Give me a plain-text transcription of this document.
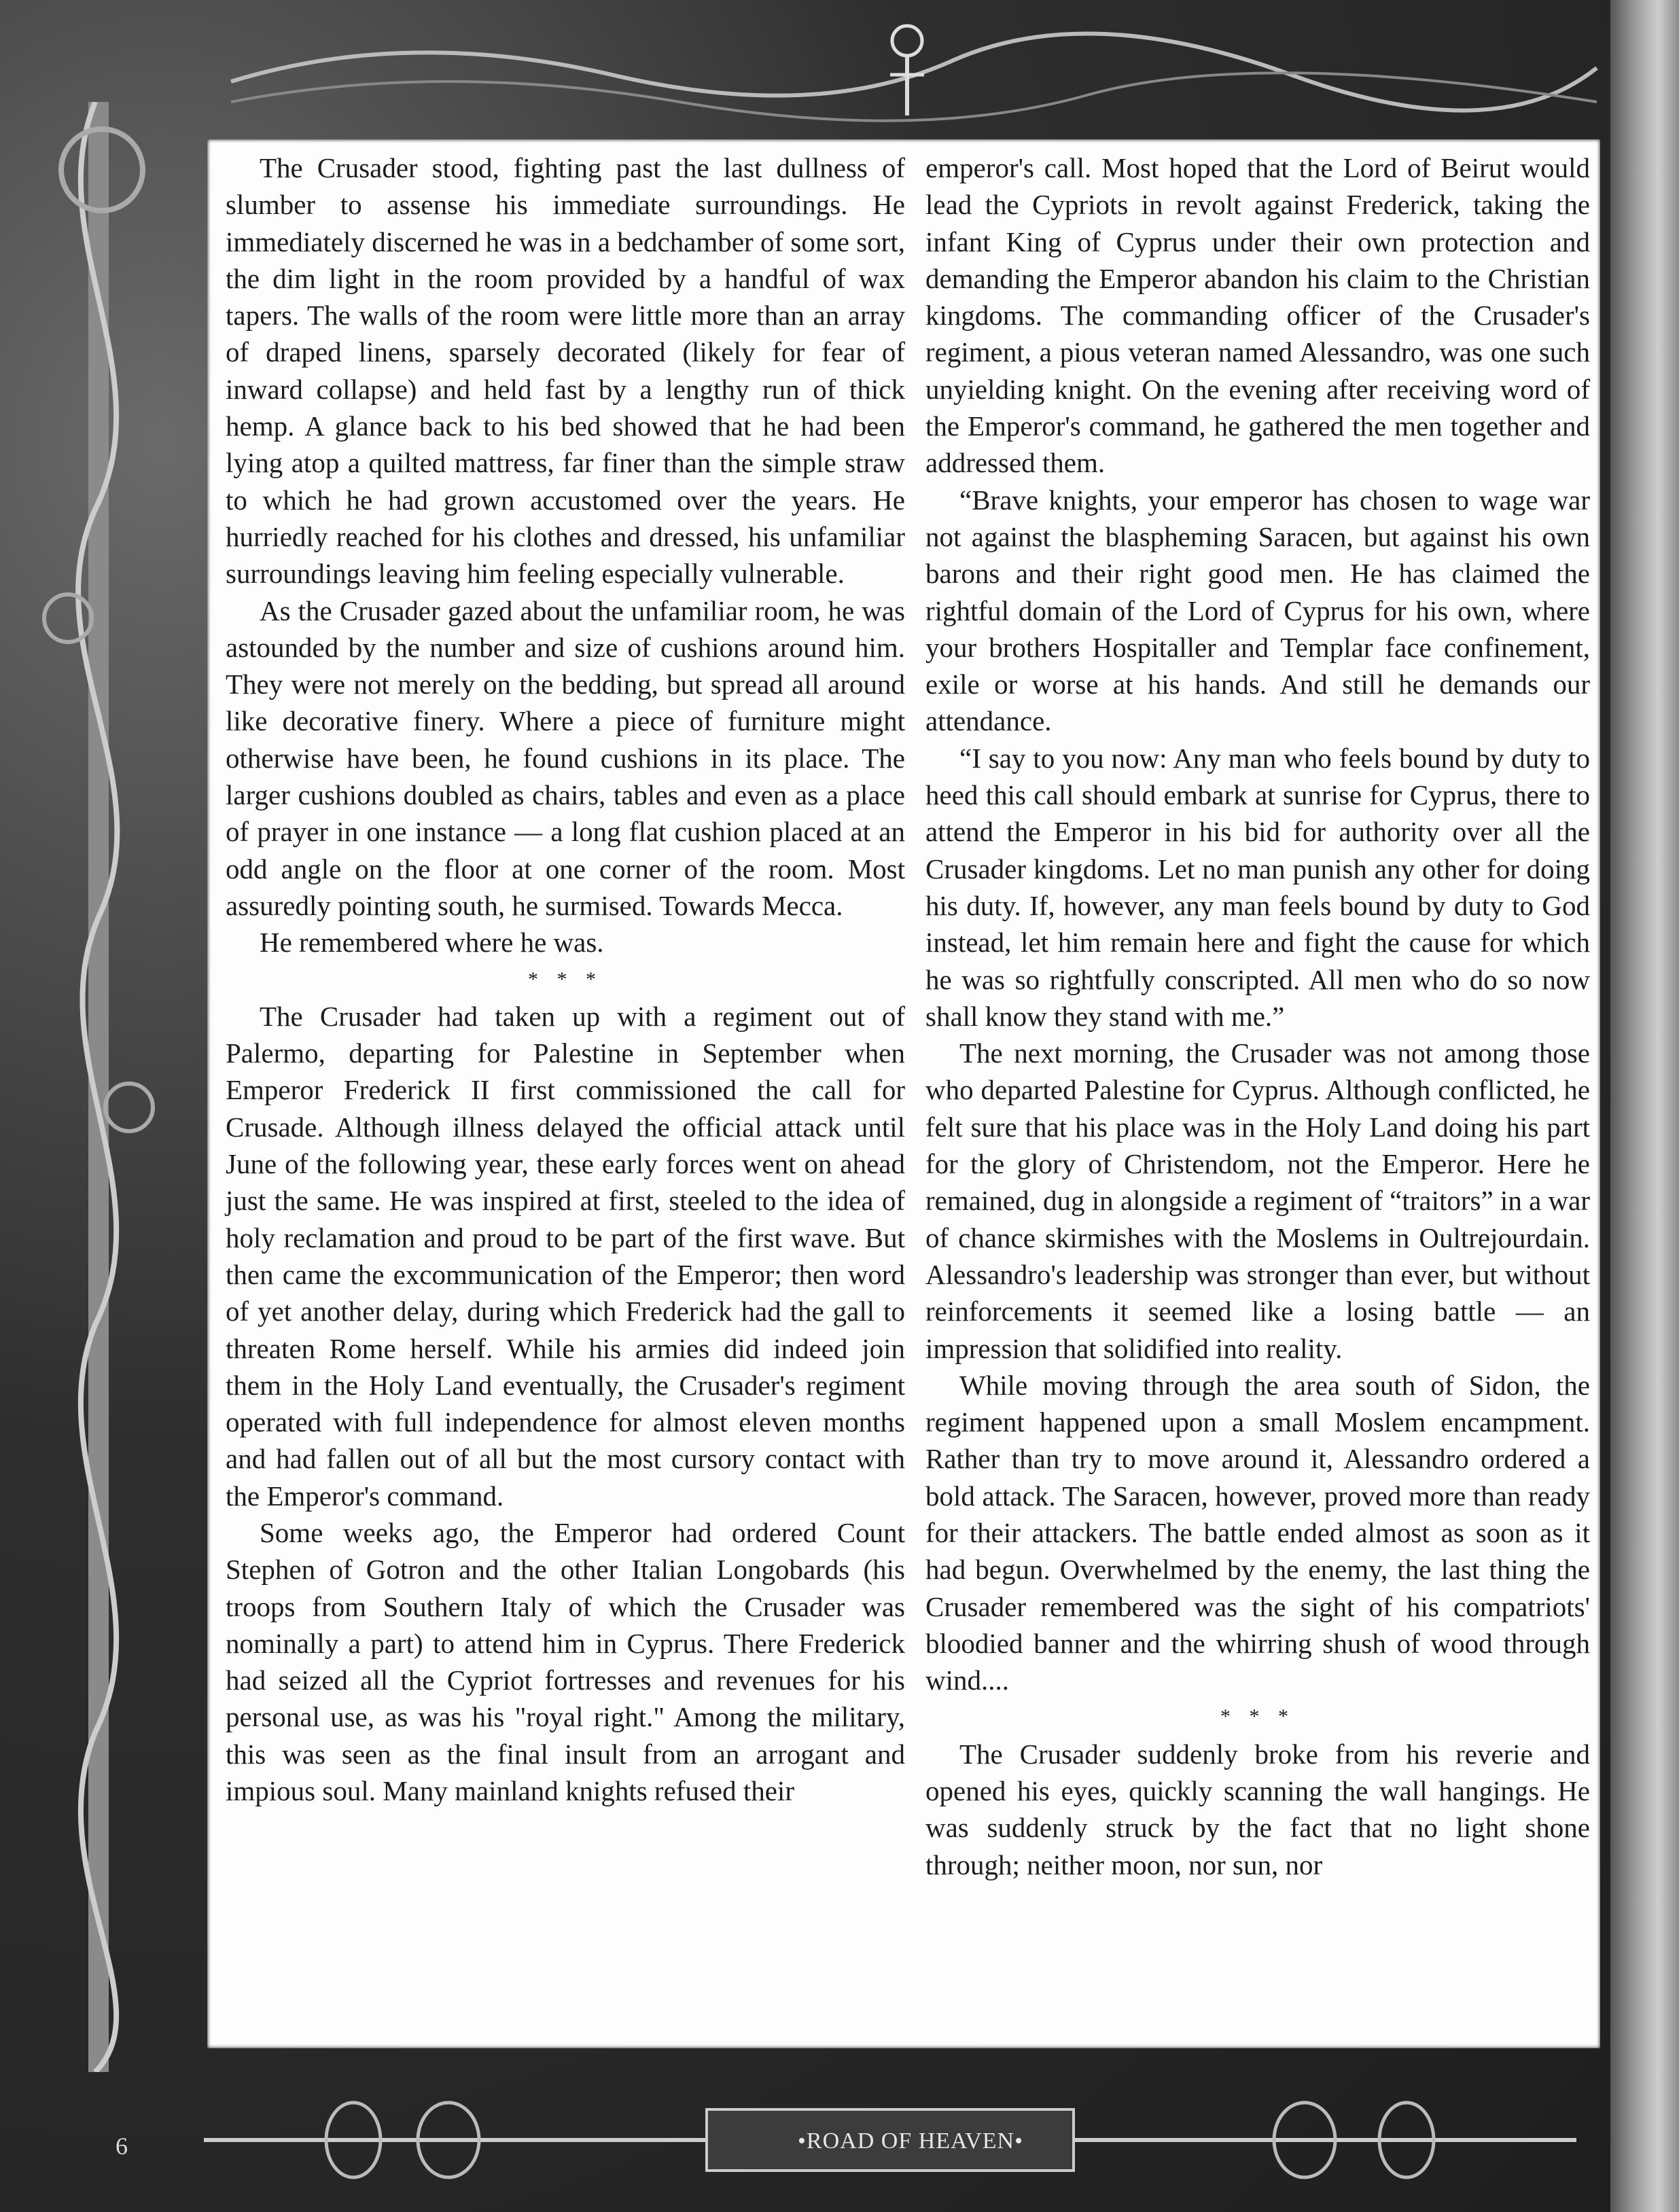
The Crusader stood, fighting past the last dullness of slumber to assense his immediate surroundings. He immediately discerned he was in a bedchamber of some sort, the dim light in the room provided by a handful of wax tapers. The walls of the room were little more than an array of draped linens, sparsely decorated (likely for fear of inward collapse) and held fast by a lengthy run of thick hemp. A glance back to his bed showed that he had been lying atop a quilted mattress, far finer than the simple straw to which he had grown accustomed over the years. He hurriedly reached for his clothes and dressed, his unfamiliar surroundings leaving him feeling especially vulnerable.

As the Crusader gazed about the unfamiliar room, he was astounded by the number and size of cushions around him. They were not merely on the bedding, but spread all around like decorative finery. Where a piece of furniture might otherwise have been, he found cushions in its place. The larger cushions doubled as chairs, tables and even as a place of prayer in one instance — a long flat cushion placed at an odd angle on the floor at one corner of the room. Most assuredly pointing south, he surmised. Towards Mecca.

He remembered where he was.

* * *

The Crusader had taken up with a regiment out of Palermo, departing for Palestine in September when Emperor Frederick II first commissioned the call for Crusade. Although illness delayed the official attack until June of the following year, these early forces went on ahead just the same. He was inspired at first, steeled to the idea of holy reclamation and proud to be part of the first wave. But then came the excommunication of the Emperor; then word of yet another delay, during which Frederick had the gall to threaten Rome herself. While his armies did indeed join them in the Holy Land eventually, the Crusader's regiment operated with full independence for almost eleven months and had fallen out of all but the most cursory contact with the Emperor's command.

Some weeks ago, the Emperor had ordered Count Stephen of Gotron and the other Italian Longobards (his troops from Southern Italy of which the Crusader was nominally a part) to attend him in Cyprus. There Frederick had seized all the Cypriot fortresses and revenues for his personal use, as was his "royal right." Among the military, this was seen as the final insult from an arrogant and impious soul. Many mainland knights refused their

emperor's call. Most hoped that the Lord of Beirut would lead the Cypriots in revolt against Frederick, taking the infant King of Cyprus under their own protection and demanding the Emperor abandon his claim to the Christian kingdoms. The commanding officer of the Crusader's regiment, a pious veteran named Alessandro, was one such unyielding knight. On the evening after receiving word of the Emperor's command, he gathered the men together and addressed them.

“Brave knights, your emperor has chosen to wage war not against the blaspheming Saracen, but against his own barons and their right good men. He has claimed the rightful domain of the Lord of Cyprus for his own, where your brothers Hospitaller and Templar face confinement, exile or worse at his hands. And still he demands our attendance.

“I say to you now: Any man who feels bound by duty to heed this call should embark at sunrise for Cyprus, there to attend the Emperor in his bid for authority over all the Crusader kingdoms. Let no man punish any other for doing his duty. If, however, any man feels bound by duty to God instead, let him remain here and fight the cause for which he was so rightfully conscripted. All men who do so now shall know they stand with me.”

The next morning, the Crusader was not among those who departed Palestine for Cyprus. Although conflicted, he felt sure that his place was in the Holy Land doing his part for the glory of Christendom, not the Emperor. Here he remained, dug in alongside a regiment of “traitors” in a war of chance skirmishes with the Moslems in Oultrejourdain. Alessandro's leadership was stronger than ever, but without reinforcements it seemed like a losing battle — an impression that solidified into reality.

While moving through the area south of Sidon, the regiment happened upon a small Moslem encampment. Rather than try to move around it, Alessandro ordered a bold attack. The Saracen, however, proved more than ready for their attackers. The battle ended almost as soon as it had begun. Overwhelmed by the enemy, the last thing the Crusader remembered was the sight of his compatriots' bloodied banner and the whirring shush of wood through wind....

* * *

The Crusader suddenly broke from his reverie and opened his eyes, quickly scanning the wall hangings. He was suddenly struck by the fact that no light shone through; neither moon, nor sun, nor

•ROAD OF HEAVEN•
6
